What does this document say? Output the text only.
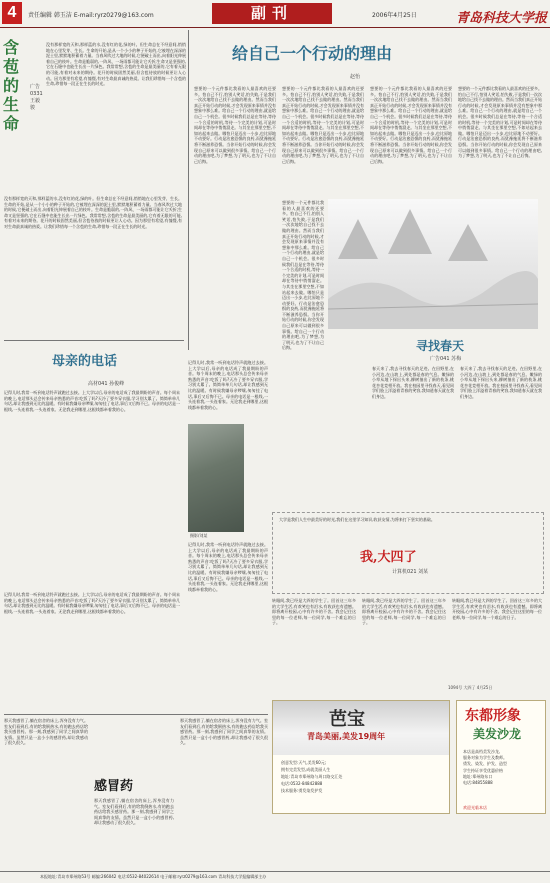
4	责任编辑 韩玉洁 E-mail:ryrz0279@163.com	副刊	2006年4月25日	青岛科技大学报
含苞的生命
广告0331 王毅骏
没有那样宽的天和,那样蓝的水,没有红的花,绿的叶。但生命总在不经意间,悄悄地在心里发芽、生长。生命的开始,是从一个小小的种子开始的,它被埋在深深的泥土里,默默地积蓄着力量。当春风吹过大地的时候,它便破土而出,向着阳光伸展着自己的枝叶。生命是脆弱的,一阵风、一场雨都可能让它夭折;生命又是坚强的,它在石缝中也能生长出一片绿色。我常常想,含苞的生命是最美丽的,它有着无限的可能,有着对未来的期待。花开的时候固然美丽,但含苞待放的时候更让人心动。因为那里有希望,有憧憬,有对生命最真诚的热爱。让我们珍惜每一个含苞的生命,珍惜每一段正在生长的时光。
没有那样宽的天和,那样蓝的水,没有红的花,绿的叶。但生命总在不经意间,悄悄地在心里发芽、生长。生命的开始,是从一个小小的种子开始的,它被埋在深深的泥土里,默默地积蓄着力量。当春风吹过大地的时候,它便破土而出,向着阳光伸展着自己的枝叶。生命是脆弱的,一阵风、一场雨都可能让它夭折;生命又是坚强的,它在石缝中也能生长出一片绿色。我常常想,含苞的生命是最美丽的,它有着无限的可能,有着对未来的期待。花开的时候固然美丽,但含苞待放的时候更让人心动。因为那里有希望,有憧憬,有对生命最真诚的热爱。让我们珍惜每一个含苞的生命,珍惜每一段正在生长的时光。
给自己一个行动的理由
赵怡
想要的一个元件都比我看的人最喜欢的还要多。怕自己不行,怕别人笑话,怕失败,于是我们一次次地给自己找不去做的理由。然而当我们真正开始行动的时候,才会发现原来事情并没有想象中那么难。给自己一个行动的理由,就是给自己一个机会。很多时候我们总是在等待,等待一个合适的时机,等待一个完美的计划,可是时间却在等待中悄悄溜走。与其坐在那里空想,不如站起来去做。哪怕只是迈出一小步,也比原地不动要好。行动是治愈恐惧的良药,而犹豫拖延将不断滋养恐惧。当你开始行动的时候,你会发现自己原来可以做到很多事情。给自己一个行动的理由吧,为了梦想,为了明天,也为了不让自己后悔。
想要的一个元件都比我看的人最喜欢的还要多。怕自己不行,怕别人笑话,怕失败,于是我们一次次地给自己找不去做的理由。然而当我们真正开始行动的时候,才会发现原来事情并没有想象中那么难。给自己一个行动的理由,就是给自己一个机会。很多时候我们总是在等待,等待一个合适的时机,等待一个完美的计划,可是时间却在等待中悄悄溜走。与其坐在那里空想,不如站起来去做。哪怕只是迈出一小步,也比原地不动要好。行动是治愈恐惧的良药,而犹豫拖延将不断滋养恐惧。当你开始行动的时候,你会发现自己原来可以做到很多事情。给自己一个行动的理由吧,为了梦想,为了明天,也为了不让自己后悔。
想要的一个元件都比我看的人最喜欢的还要多。怕自己不行,怕别人笑话,怕失败,于是我们一次次地给自己找不去做的理由。然而当我们真正开始行动的时候,才会发现原来事情并没有想象中那么难。给自己一个行动的理由,就是给自己一个机会。很多时候我们总是在等待,等待一个合适的时机,等待一个完美的计划,可是时间却在等待中悄悄溜走。与其坐在那里空想,不如站起来去做。哪怕只是迈出一小步,也比原地不动要好。行动是治愈恐惧的良药,而犹豫拖延将不断滋养恐惧。当你开始行动的时候,你会发现自己原来可以做到很多事情。给自己一个行动的理由吧,为了梦想,为了明天,也为了不让自己后悔。
想要的一个元件都比我看的人最喜欢的还要多。怕自己不行,怕别人笑话,怕失败,于是我们一次次地给自己找不去做的理由。然而当我们真正开始行动的时候,才会发现原来事情并没有想象中那么难。给自己一个行动的理由,就是给自己一个机会。很多时候我们总是在等待,等待一个合适的时机,等待一个完美的计划,可是时间却在等待中悄悄溜走。与其坐在那里空想,不如站起来去做。哪怕只是迈出一小步,也比原地不动要好。行动是治愈恐惧的良药,而犹豫拖延将不断滋养恐惧。当你开始行动的时候,你会发现自己原来可以做到很多事情。给自己一个行动的理由吧,为了梦想,为了明天,也为了不让自己后悔。
想要的一个元件都比我看的人最喜欢的还要多。怕自己不行,怕别人笑话,怕失败,于是我们一次次地给自己找不去做的理由。然而当我们真正开始行动的时候,才会发现原来事情并没有想象中那么难。给自己一个行动的理由,就是给自己一个机会。很多时候我们总是在等待,等待一个合适的时机,等待一个完美的计划,可是时间却在等待中悄悄溜走。与其坐在那里空想,不如站起来去做。哪怕只是迈出一小步,也比原地不动要好。行动是治愈恐惧的良药,而犹豫拖延将不断滋养恐惧。当你开始行动的时候,你会发现自己原来可以做到很多事情。给自己一个行动的理由吧,为了梦想,为了明天,也为了不让自己后悔。	寻找春天
广告041 苏梅
春天来了,我去寻找春天的足迹。在田野里,在小河边,在山坡上,到处都是春的气息。嫩绿的小草从地下探出头来,柳树抽出了新的枝条,桃花杏花竞相开放。我在校园里寻找春天,看见同学们脸上洋溢着青春的笑容,我知道春天就在我们身边。
春天来了,我去寻找春天的足迹。在田野里,在小河边,在山坡上,到处都是春的气息。嫩绿的小草从地下探出头来,柳树抽出了新的枝条,桃花杏花竞相开放。我在校园里寻找春天,看见同学们脸上洋溢着青春的笑容,我知道春天就在我们身边。
母亲的电话
高材041 孙俊峰
记得儿时,我常一听到电话铃声就跑过去接。上大学以后,母亲的电话成了我最期盼的声音。每个周末的晚上,电话那头总会传来母亲熟悉的声音:吃饭了吗?天冷了要多穿衣服,学习别太累了。简简单单几句话,却让我感到无比的温暖。有时候我嫌母亲啰嗦,匆匆挂了电话,事后又后悔不已。母亲的电话是一根线,一头连着我,一头连着家。无论我走到哪里,这根线都牵着我的心。
记得儿时,我常一听到电话铃声就跑过去接。上大学以后,母亲的电话成了我最期盼的声音。每个周末的晚上,电话那头总会传来母亲熟悉的声音:吃饭了吗?天冷了要多穿衣服,学习别太累了。简简单单几句话,却让我感到无比的温暖。有时候我嫌母亲啰嗦,匆匆挂了电话,事后又后悔不已。母亲的电话是一根线,一头连着我,一头连着家。无论我走到哪里,这根线都牵着我的心。
记得儿时,我常一听到电话铃声就跑过去接。上大学以后,母亲的电话成了我最期盼的声音。每个周末的晚上,电话那头总会传来母亲熟悉的声音:吃饭了吗?天冷了要多穿衣服,学习别太累了。简简单单几句话,却让我感到无比的温暖。有时候我嫌母亲啰嗦,匆匆挂了电话,事后又后悔不已。母亲的电话是一根线,一头连着我,一头连着家。无论我走到哪里,这根线都牵着我的心。
摄影/刘某
记得儿时,我常一听到电话铃声就跑过去接。上大学以后,母亲的电话成了我最期盼的声音。每个周末的晚上,电话那头总会传来母亲熟悉的声音:吃饭了吗?天冷了要多穿衣服,学习别太累了。简简单单几句话,却让我感到无比的温暖。有时候我嫌母亲啰嗦,匆匆挂了电话,事后又后悔不已。母亲的电话是一根线,一头连着我,一头连着家。无论我走到哪里,这根线都牵着我的心。
大学是我们人生中最美好的时光,我们在这里学习知识,收获友情,为将来打下坚实的基础。
我,大四了
计算机021 刘某
转眼间,我已经是大四的学生了。回首这三年多的大学生活,有欢笑也有泪水,有收获也有遗憾。即将离开校园,心中有许多的不舍。我会记住这里的每一位老师,每一位同学,每一个难忘的日子。
转眼间,我已经是大四的学生了。回首这三年多的大学生活,有欢笑也有泪水,有收获也有遗憾。即将离开校园,心中有许多的不舍。我会记住这里的每一位老师,每一位同学,每一个难忘的日子。
转眼间,我已经是大四的学生了。回首这三年多的大学生活,有欢笑也有泪水,有收获也有遗憾。即将离开校园,心中有许多的不舍。我会记住这里的每一位老师,每一位同学,每一个难忘的日子。
那天我感冒了,躺在宿舍的床上,浑身没有力气。室友们看到后,有的给我倒热水,有的跑去药店给我买感冒药。那一刻,我感到了同学之间真挚的友情。虽然只是一盒小小的感冒药,却让我感动了很久很久。
感冒药
那天我感冒了,躺在宿舍的床上,浑身没有力气。室友们看到后,有的给我倒热水,有的跑去药店给我买感冒药。那一刻,我感到了同学之间真挚的友情。虽然只是一盒小小的感冒药,却让我感动了很久很久。
那天我感冒了,躺在宿舍的床上,浑身没有力气。室友们看到后,有的给我倒热水,有的跑去药店给我买感冒药。那一刻,我感到了同学之间真挚的友情。虽然只是一盒小小的感冒药,却让我感动了很久很久。
1094号 大四了 4月25日
芭宝
青岛美丽,美发19周年
创意发型:天气,美发60元;
拥有完美发型,成就美丽人生
地址:青岛市郑州路与周口路交汇处
电话:0532-84842888
技术服务:烫发染发护发
东都形象
美发沙龙
本店是高档美发沙龙,
服务对象为学生及教师。
烫发、染发、护发、造型
学生持证享受优惠价格
地址:郑州路东口
电话:84855888
欢迎光临本店
本报地址:青岛市郑州路53号 邮编:266042 电话:0532-84022614 电子邮箱:ryrz0279@163.com 青岛科技大学报编辑部主办
